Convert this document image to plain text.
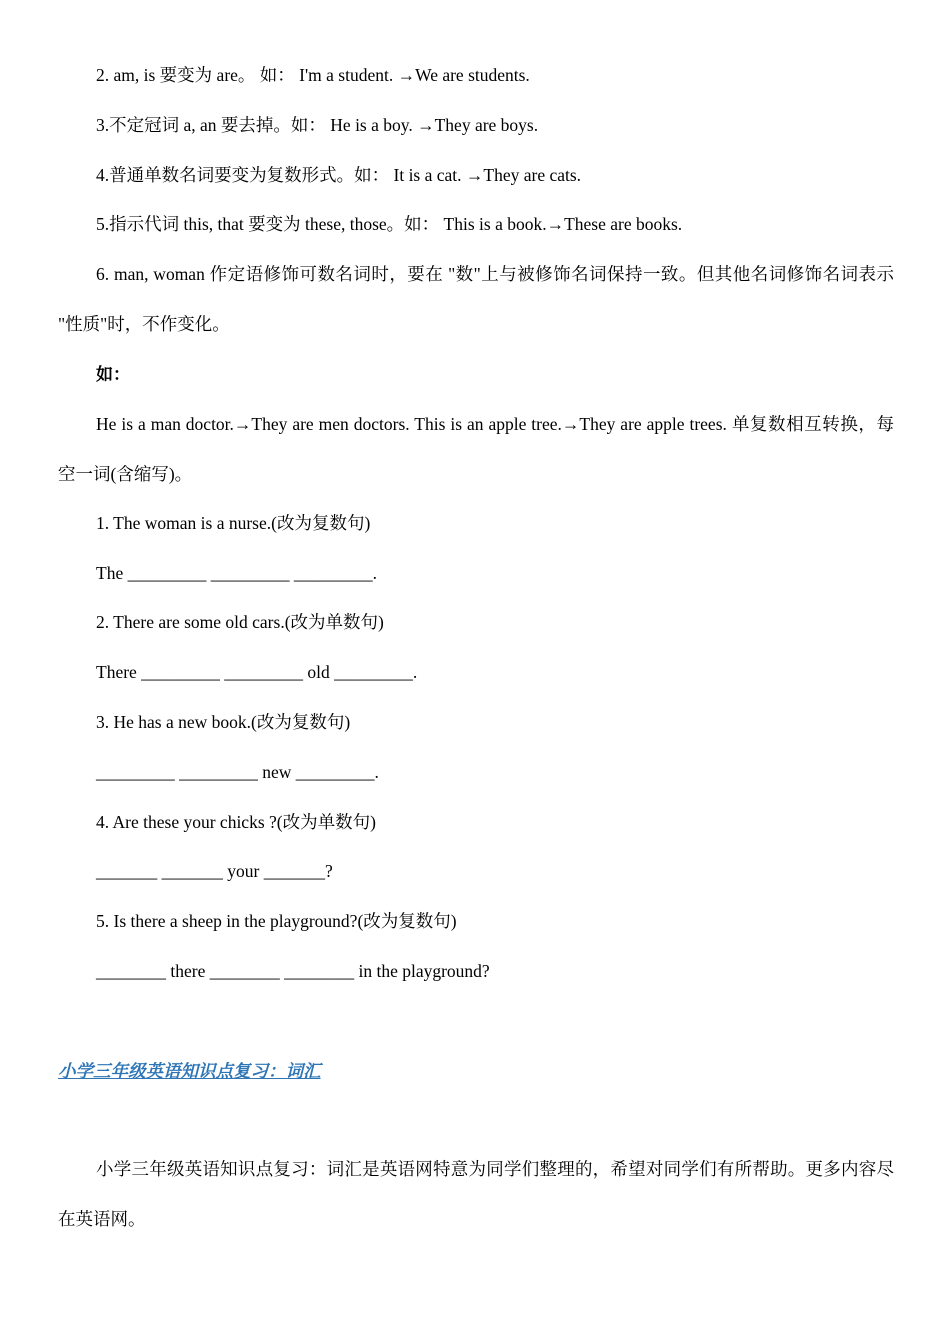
2. am, is 要变为 are。 如： I'm a student. →We are students.
3.不定冠词 a, an 要去掉。如： He is a boy. →They are boys.
4.普通单数名词要变为复数形式。如： It is a cat. →They are cats.
5.指示代词 this, that 要变为 these, those。如： This is a book.→These are books.
6. man, woman 作定语修饰可数名词时，要在 "数"上与被修饰名词保持一致。但其他名词修饰名词表示 "性质"时，不作变化。
如：
He is a man doctor.→They are men doctors. This is an apple tree.→They are apple trees. 单复数相互转换，每空一词(含缩写)。
1. The woman is a nurse.(改为复数句)
The _________ _________ _________.
2. There are some old cars.(改为单数句)
There _________ _________ old _________.
3. He has a new book.(改为复数句)
_________ _________ new _________.
4. Are these your chicks ?(改为单数句)
_______ _______ your _______?
5. Is there a sheep in the playground?(改为复数句)
________ there ________ ________ in the playground?
小学三年级英语知识点复习：词汇
小学三年级英语知识点复习：词汇是英语网特意为同学们整理的，希望对同学们有所帮助。更多内容尽在英语网。
